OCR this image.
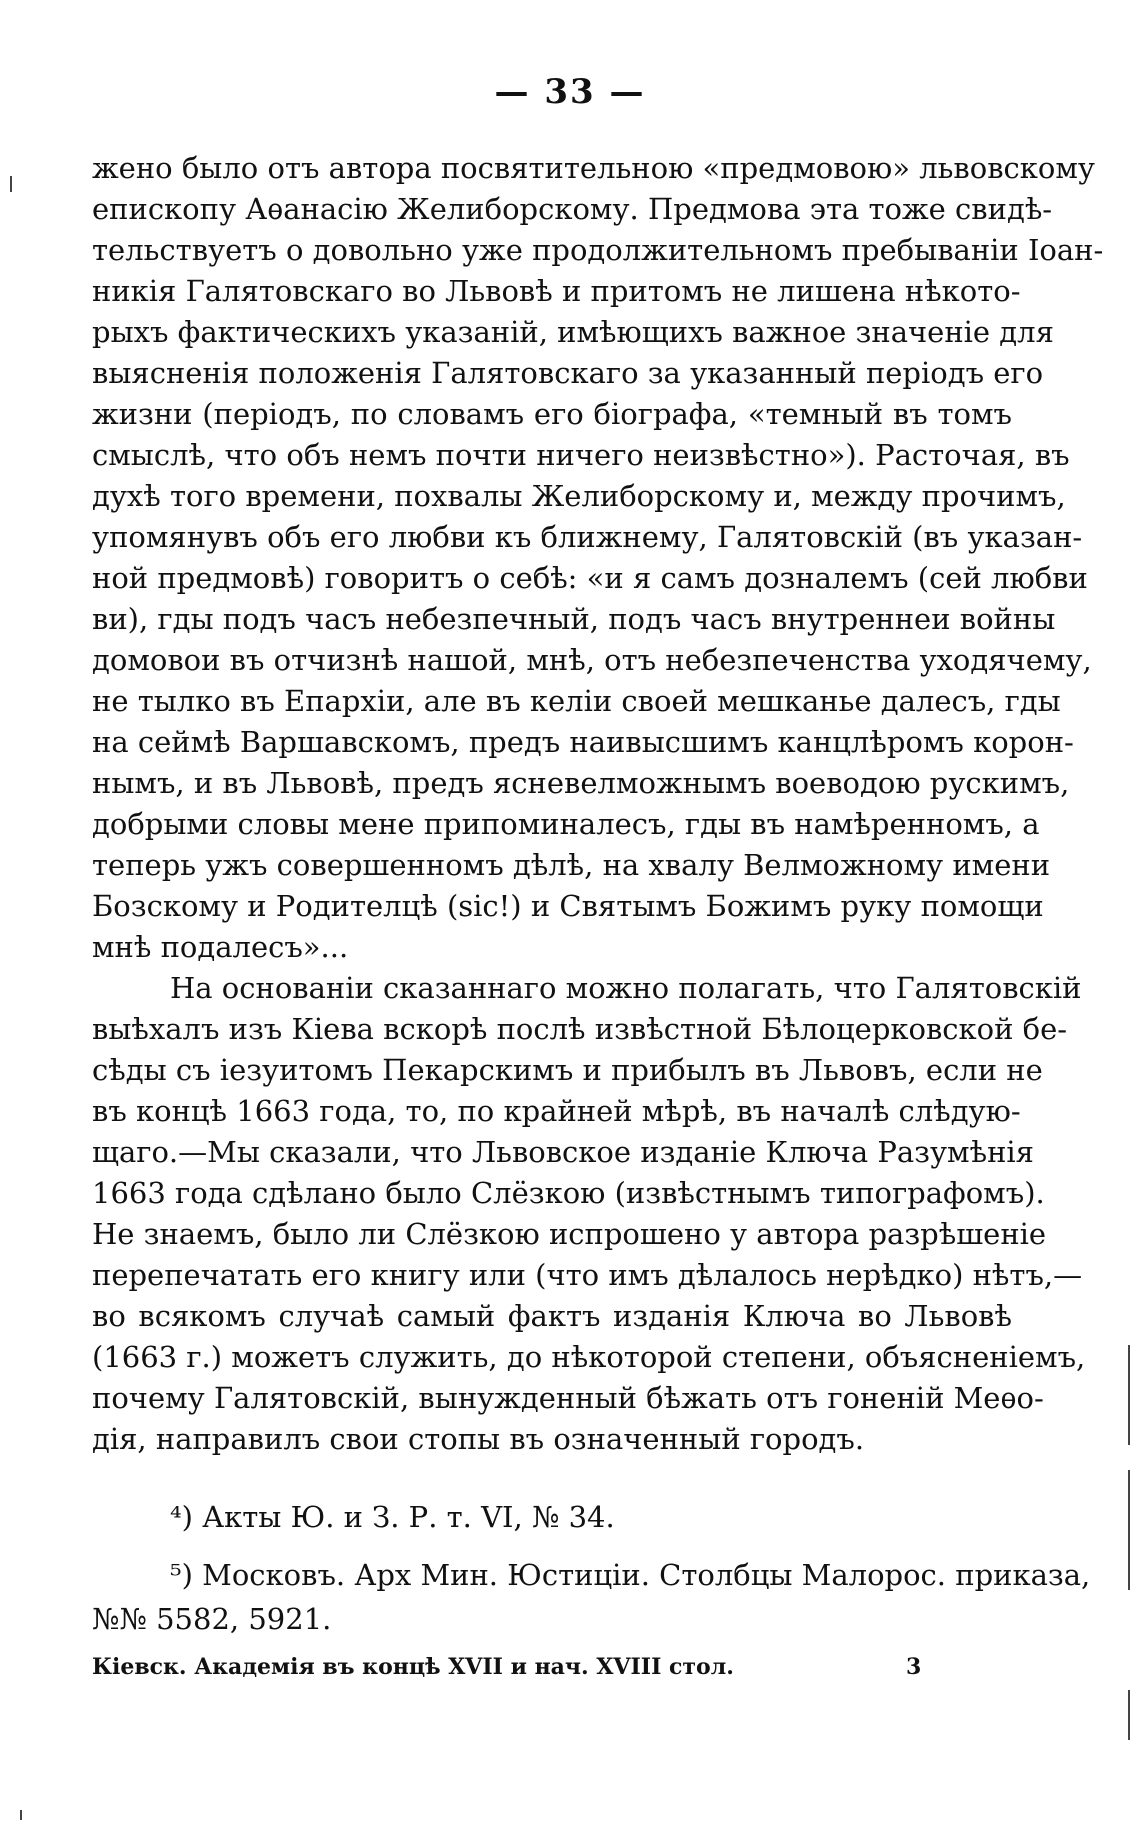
— 33 —
жено было отъ автора посвятительною «предмовою» львовскому
епископу Аѳанасію Желиборскому. Предмова эта тоже свидѣ-
тельствуетъ о довольно уже продолжительномъ пребываніи Іоан-
никія Галятовскаго во Львовѣ и притомъ не лишена нѣкото-
рыхъ фактическихъ указаній, имѣющихъ важное значеніе для
выясненія положенія Галятовскаго за указанный періодъ его
жизни (періодъ, по словамъ его біографа, «темный въ томъ
смыслѣ, что объ немъ почти ничего неизвѣстно»). Расточая, въ
духѣ того времени, похвалы Желиборскому и, между прочимъ,
упомянувъ объ его любви къ ближнему, Галятовскій (въ указан-
ной предмовѣ) говоритъ о себѣ: «и я самъ дозналемъ (сей любви
ви), гды подъ часъ небезпечный, подъ часъ внутреннеи войны
домовои въ отчизнѣ нашой, мнѣ, отъ небезпеченства уходячему,
не тылко въ Епархіи, але въ келіи своей мешканье далесъ, гды
на сеймѣ Варшавскомъ, предъ наивысшимъ канцлѣромъ корон-
нымъ, и въ Львовѣ, предъ ясневелможнымъ воеводою рускимъ,
добрыми словы мене припоминалесъ, гды въ намѣренномъ, а
теперь ужъ совершенномъ дѣлѣ, на хвалу Велможному имени
Бозскому и Родителцѣ (sic!) и Святымъ Божимъ руку помощи
мнѣ подалесъ»...
На основаніи сказаннаго можно полагать, что Галятовскій
выѣхалъ изъ Кіева вскорѣ послѣ извѣстной Бѣлоцерковской бе-
сѣды съ іезуитомъ Пекарскимъ и прибылъ въ Львовъ, если не
въ концѣ 1663 года, то, по крайней мѣрѣ, въ началѣ слѣдую-
щаго.—Мы сказали, что Львовское изданіе Ключа Разумѣнія
1663 года сдѣлано было Слёзкою (извѣстнымъ типографомъ).
Не знаемъ, было ли Слёзкою испрошено у автора разрѣшеніе
перепечатать его книгу или (что имъ дѣлалось нерѣдко) нѣтъ,—
во всякомъ случаѣ самый фактъ изданія Ключа во Львовѣ
(1663 г.) можетъ служить, до нѣкоторой степени, объясненіемъ,
почему Галятовскій, вынужденный бѣжать отъ гоненій Меѳо-
дія, направилъ свои стопы въ означенный городъ.
⁴) Акты Ю. и З. Р. т. VI, № 34.
⁵) Московъ. Арх Мин. Юстиціи. Столбцы Малорос. приказа,
№№ 5582, 5921.
Кіевск. Академія въ концѣ XVII и нач. XVIII стол.	3
